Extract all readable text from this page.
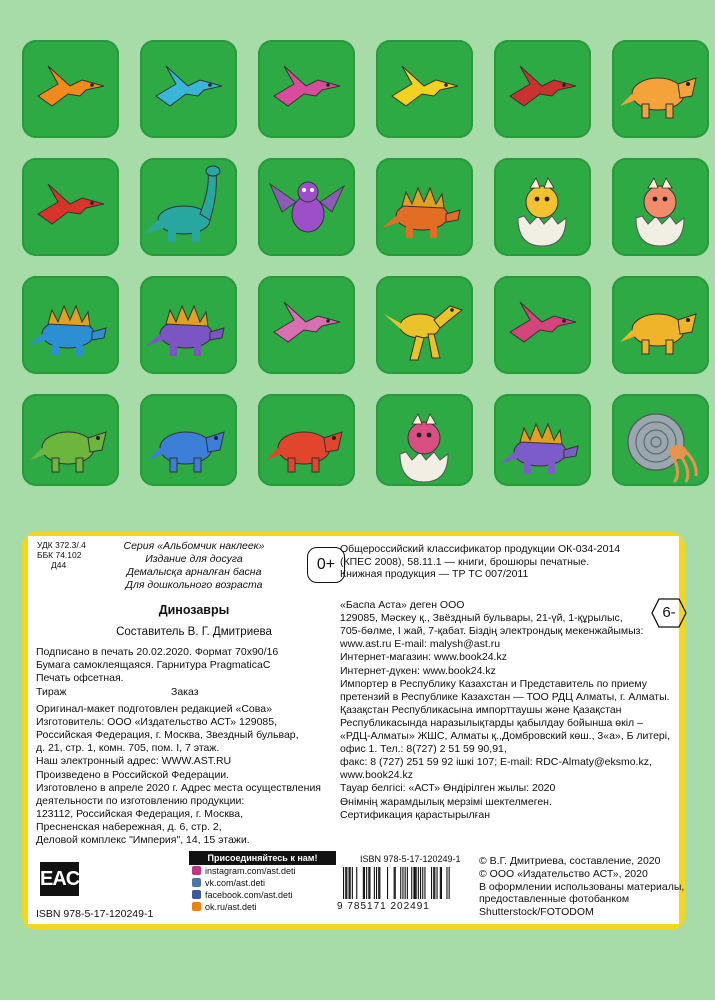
УДК 372.3/.4
ББК 74.102
Д44
Серия «Альбомчик наклеек»
Издание для досуга
Демалысқа арналған басна
Для дошкольного возраста
0+
Динозавры
Составитель В. Г. Дмитриева
Подписано в печать 20.02.2020. Формат 70x90/16
Бумага самоклеящаяся. Гарнитура PragmaticaC
Печать офсетная.
Тираж	Заказ
Оригинал-макет подготовлен редакцией «Сова»
Изготовитель: ООО «Издательство АСТ» 129085,
Российская Федерация, г. Москва, Звездный бульвар,
д. 21, стр. 1, комн. 705, пом. I, 7 этаж.
Наш электронный адрес: WWW.AST.RU
Произведено в Российской Федерации.
Изготовлено в апреле 2020 г. Адрес места осуществления
деятельности по изготовлению продукции:
123112, Российская Федерация, г. Москва,
Пресненская набережная, д. 6, стр. 2,
Деловой комплекс "Империя", 14, 15 этажи.
Общероссийский классификатор продукции ОК-034-2014
(КПЕС 2008), 58.11.1 — книги, брошюры печатные.
Книжная продукция — ТР ТС 007/2011
«Баспа Аста» деген ООО
129085, Мәскеу қ., Звёздный бульвары, 21-үй, 1-құрылыс,
705-бөлме, I жай, 7-қабат. Біздің электрондық мекенжайымыз:
www.ast.ru E-mail: malysh@ast.ru
Интернет-магазин: www.book24.kz
Интернет-дүкен: www.book24.kz
Импортер в Республику Казахстан и Представитель по приему
претензий в Республике Казахстан — ТОО РДЦ Алматы, г. Алматы.
Қазақстан Республикасына импорттаушы және Қазақстан
Республикасында наразылықтарды қабылдау бойынша өкіл –
«РДЦ-Алматы» ЖШС, Алматы қ.,Домбровский көш., 3«а», Б литері,
офис 1. Тел.: 8(727) 2 51 59 90,91,
факс: 8 (727) 251 59 92 ішкі 107; E-mail: RDC-Almaty@eksmo.kz,
www.book24.kz
Тауар белгісі: «АСТ» Өндірілген жылы: 2020
Өнімнің жарамдылық мерзімі шектелмеген.
Сертификация қарастырылған
6-
EAC
ISBN 978-5-17-120249-1
Присоединяйтесь к нам!
instagram.com/ast.deti
vk.com/ast.deti
facebook.com/ast.deti
ok.ru/ast.deti
ISBN 978-5-17-120249-1
9 785171 202491
© В.Г. Дмитриева, составление, 2020
© ООО «Издательство АСТ», 2020
В оформлении использованы материалы,
предоставленные фотобанком
Shutterstock/FOTODOM
